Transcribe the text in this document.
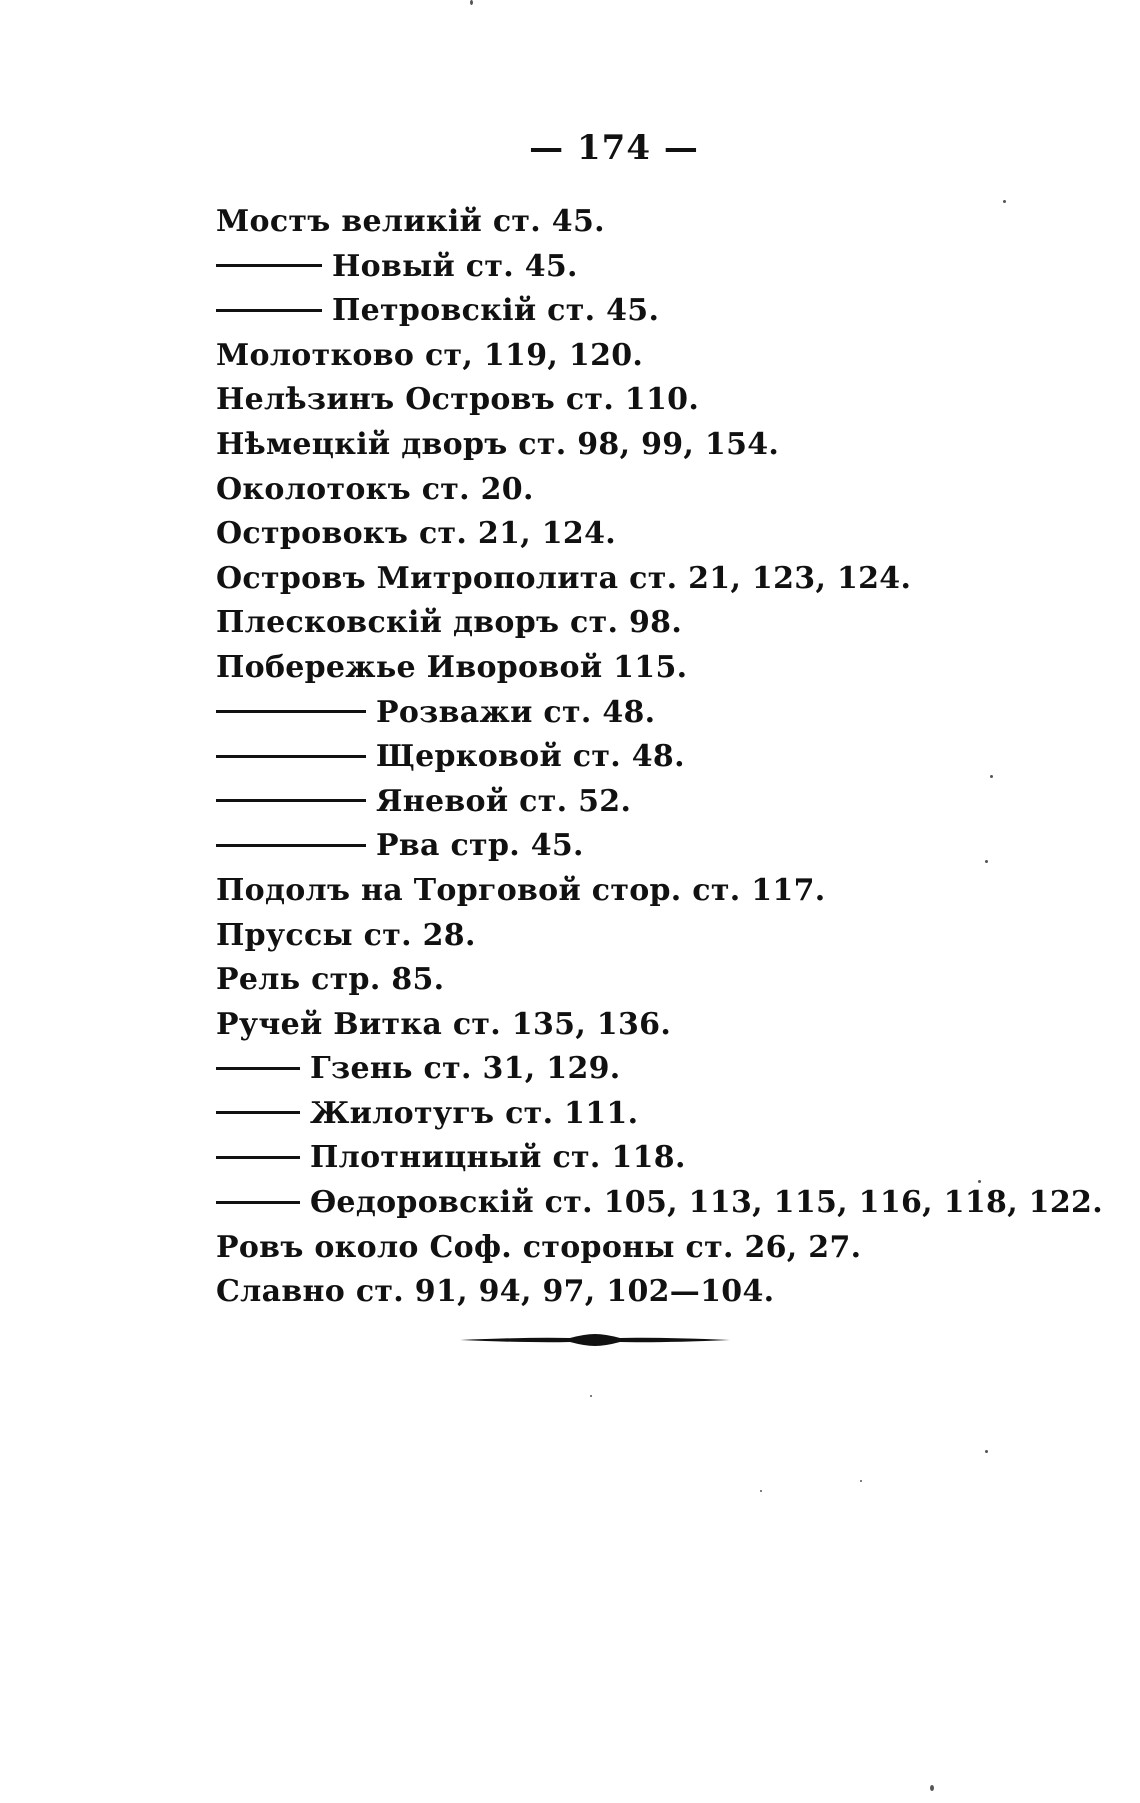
— 174 —
Мостъ великій ст. 45.
Новый ст. 45.
Петровскій ст. 45.
Молотково ст, 119, 120.
Нелѣзинъ Островъ ст. 110.
Нѣмецкій дворъ ст. 98, 99, 154.
Околотокъ ст. 20.
Островокъ ст. 21, 124.
Островъ Митрополита ст. 21, 123, 124.
Плесковскій дворъ ст. 98.
Побережье Иворовой 115.
Розважи ст. 48.
Щерковой ст. 48.
Яневой ст. 52.
Рва стр. 45.
Подолъ на Торговой стор. ст. 117.
Пруссы ст. 28.
Рель стр. 85.
Ручей Витка ст. 135, 136.
Гзень ст. 31, 129.
Жилотугъ ст. 111.
Плотницный ст. 118.
Ѳедоровскій ст. 105, 113, 115, 116, 118, 122.
Ровъ около Соф. стороны ст. 26, 27.
Славно ст. 91, 94, 97, 102—104.
